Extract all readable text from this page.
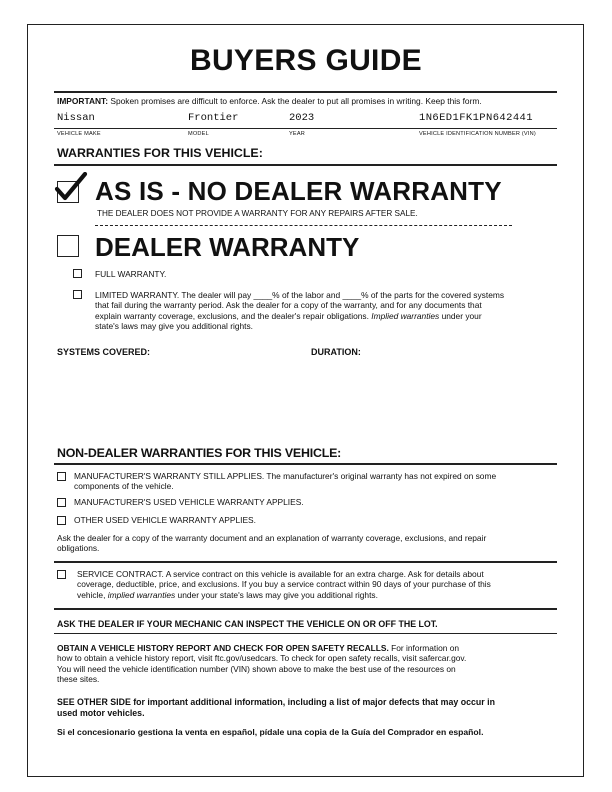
BUYERS GUIDE
IMPORTANT: Spoken promises are difficult to enforce. Ask the dealer to put all promises in writing. Keep this form.
Nissan	Frontier	2023	1N6ED1FK1PN642441
VEHICLE MAKE	MODEL	YEAR	VEHICLE IDENTIFICATION NUMBER (VIN)
WARRANTIES FOR THIS VEHICLE:
AS IS - NO DEALER WARRANTY
THE DEALER DOES NOT PROVIDE A WARRANTY FOR ANY REPAIRS AFTER SALE.
DEALER WARRANTY
FULL WARRANTY.
LIMITED WARRANTY. The dealer will pay ____% of the labor and ____% of the parts for the covered systems
that fail during the warranty period. Ask the dealer for a copy of the warranty, and for any documents that
explain warranty coverage, exclusions, and the dealer's repair obligations. Implied warranties under your
state's laws may give you additional rights.
SYSTEMS COVERED:	DURATION:
NON-DEALER WARRANTIES FOR THIS VEHICLE:
MANUFACTURER'S WARRANTY STILL APPLIES. The manufacturer's original warranty has not expired on some
components of the vehicle.
MANUFACTURER'S USED VEHICLE WARRANTY APPLIES.
OTHER USED VEHICLE WARRANTY APPLIES.
Ask the dealer for a copy of the warranty document and an explanation of warranty coverage, exclusions, and repair
obligations.
SERVICE CONTRACT. A service contract on this vehicle is available for an extra charge. Ask for details about
coverage, deductible, price, and exclusions. If you buy a service contract within 90 days of your purchase of this
vehicle, implied warranties under your state's laws may give you additional rights.
ASK THE DEALER IF YOUR MECHANIC CAN INSPECT THE VEHICLE ON OR OFF THE LOT.
OBTAIN A VEHICLE HISTORY REPORT AND CHECK FOR OPEN SAFETY RECALLS. For information on
how to obtain a vehicle history report, visit ftc.gov/usedcars. To check for open safety recalls, visit safercar.gov.
You will need the vehicle identification number (VIN) shown above to make the best use of the resources on
these sites.
SEE OTHER SIDE for important additional information, including a list of major defects that may occur in
used motor vehicles.
Si el concesionario gestiona la venta en español, pídale una copia de la Guía del Comprador en español.
